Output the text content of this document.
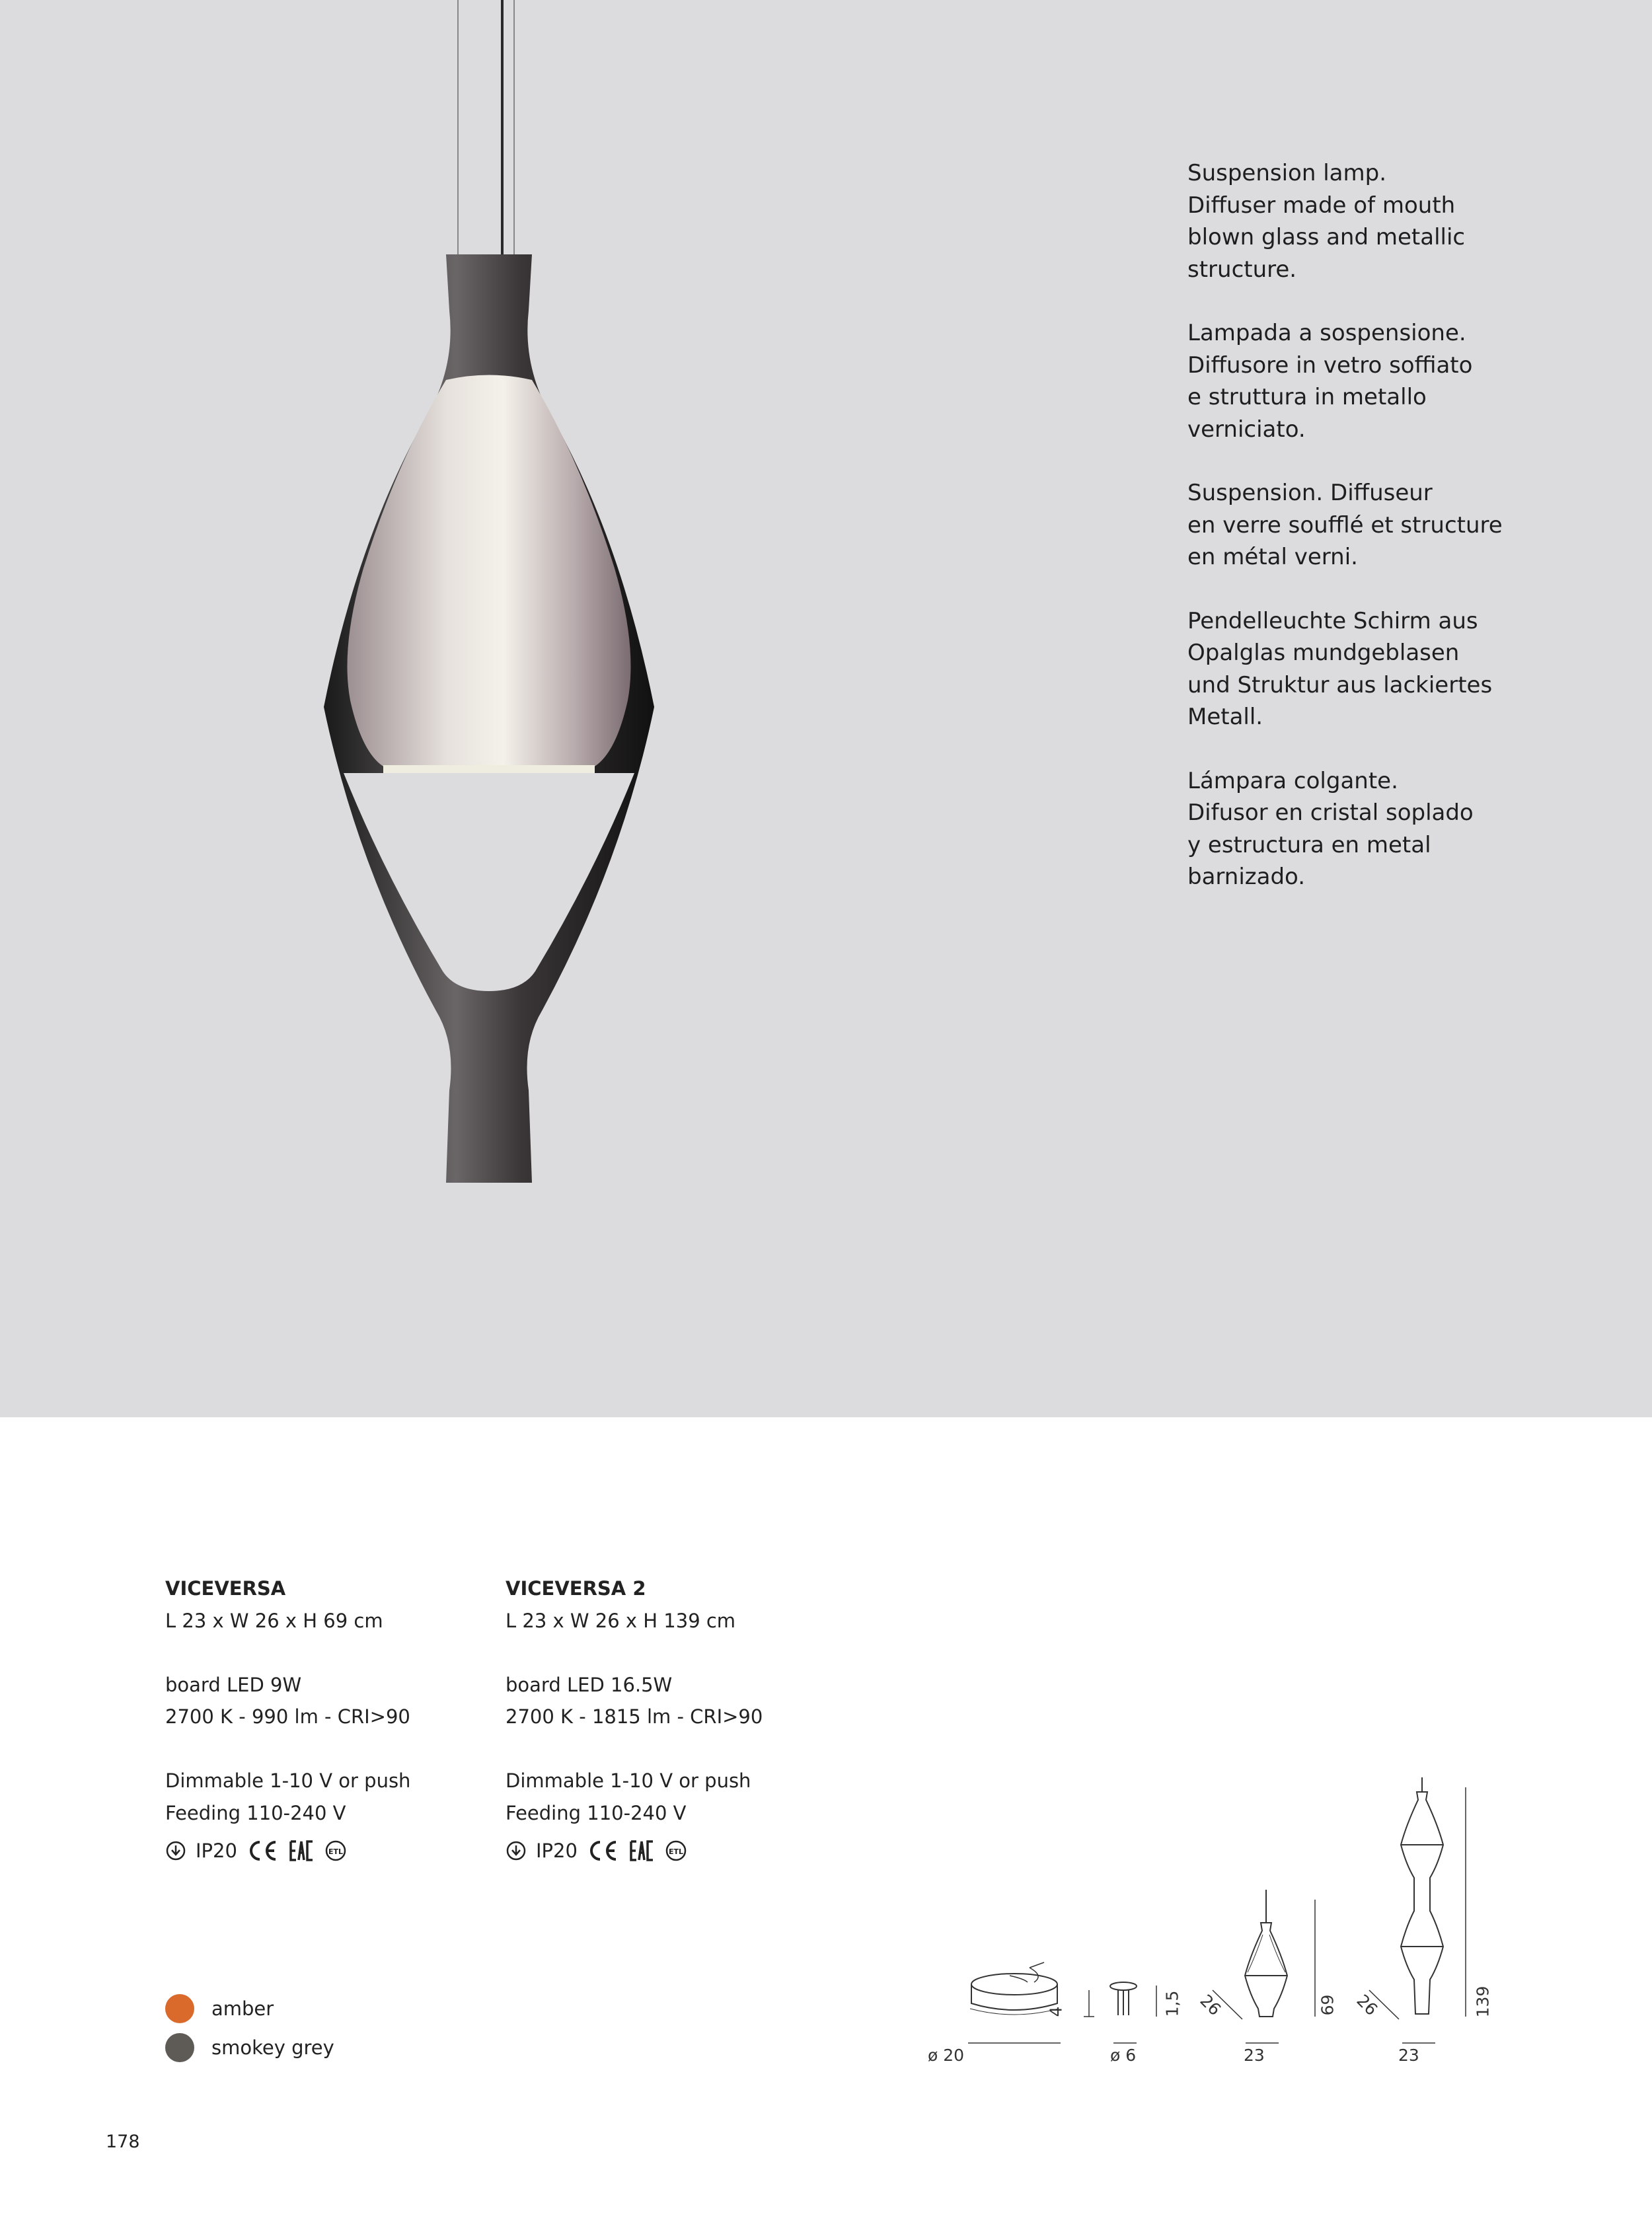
Suspension lamp.
Diffuser made of mouth
blown glass and metallic
structure.

Lampada a sospensione.
Diffusore in vetro soffiato
e struttura in metallo
verniciato.

Suspension. Diffuseur
en verre soufflé et structure
en métal verni.

Pendelleuchte Schirm aus
Opalglas mundgeblasen
und Struktur aus lackiertes
Metall.

Lámpara colgante.
Difusor en cristal soplado
y estructura en metal
barnizado.

VICEVERSA
L 23 x W 26 x H 69 cm
board LED 9W
2700 K - 990 lm - CRI>90
Dimmable 1-10 V or push
Feeding 110-240 V
IP20	ETL
VICEVERSA 2
L 23 x W 26 x H 139 cm
board LED 16.5W
2700 K - 1815 lm - CRI>90
Dimmable 1-10 V or push
Feeding 110-240 V
IP20	ETL
amber
smokey grey	ø 20
4
ø 6
1,5
23
26	69
23
26	139
178
